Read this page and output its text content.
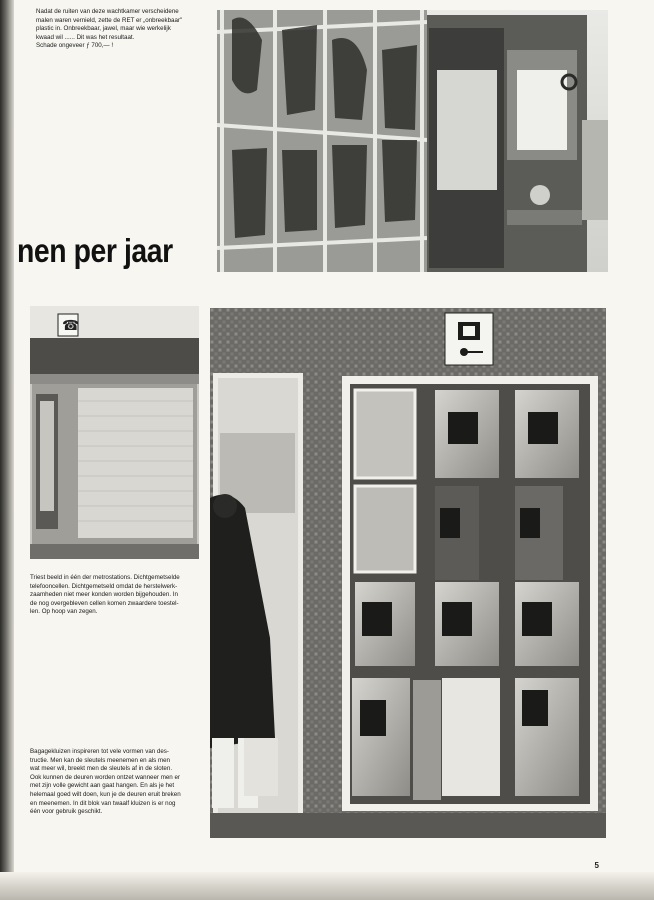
Nadat de ruiten van deze wachtkamer verscheidene

malen waren vernield, zette de RET er „onbreekbaar"

plastic in. Onbreekbaar, jawel, maar wie werkelijk

kwaad wil ...... Dit was het resultaat.

Schade ongeveer ƒ 700,— !

nen per jaar
☎

Triest beeld in één der metrostations. Dichtgemetselde

telefooncellen. Dichtgemetseld omdat de herstelwerk-

zaamheden niet meer konden worden bijgehouden. In

de nog overgebleven cellen komen zwaardere toestel-

len. Op hoop van zegen.

Bagagekluizen inspireren tot vele vormen van des-

tructie. Men kan de sleutels meenemen en als men

wat meer wil, breekt men de sleutels af in de sloten.

Ook kunnen de deuren worden ontzet wanneer men er

met zijn volle gewicht aan gaat hangen. En als je het

helemaal goed wilt doen, kun je de deuren eruit breken

en meenemen. In dit blok van twaalf kluizen is er nog

één voor gebruik geschikt.

5
